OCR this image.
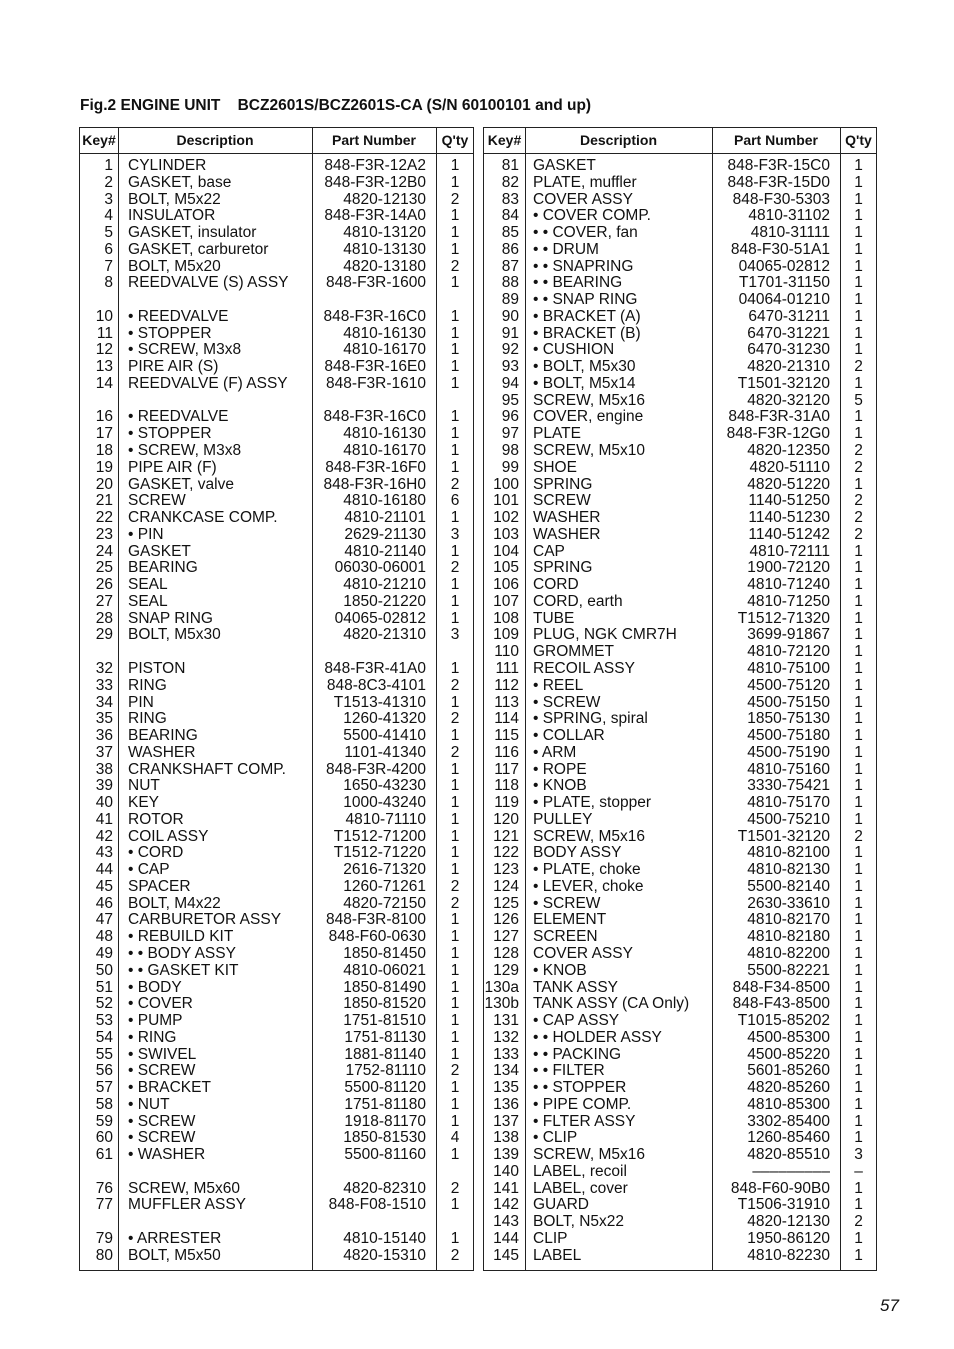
Fig.2 ENGINE UNIT    BCZ2601S/BCZ2601S-CA (S/N 60100101 and up)
Key#	Description	Part Number	Q'ty
1 CYLINDER	848-F3R-12A2	1
2 GASKET, base	848-F3R-12B0	1
3 BOLT, M5x22	4820-12130	2
4 INSULATOR	848-F3R-14A0	1
5 GASKET, insulator	4810-13120	1
6 GASKET, carburetor	4810-13130	1
7 BOLT, M5x20	4820-13180	2
8 REEDVALVE (S) ASSY	848-F3R-1600	1
10 • REEDVALVE	848-F3R-16C0	1
11 • STOPPER	4810-16130	1
12 • SCREW, M3x8	4810-16170	1
13 PIRE AIR (S)	848-F3R-16E0	1
14 REEDVALVE (F) ASSY	848-F3R-1610	1
16 • REEDVALVE	848-F3R-16C0	1
17 • STOPPER	4810-16130	1
18 • SCREW, M3x8	4810-16170	1
19 PIPE AIR (F)	848-F3R-16F0	1
20 GASKET, valve	848-F3R-16H0	2
21 SCREW	4810-16180	6
22 CRANKCASE COMP.	4810-21101	1
23 • PIN	2629-21130	3
24 GASKET	4810-21140	1
25 BEARING	06030-06001	2
26 SEAL	4810-21210	1
27 SEAL	1850-21220	1
28 SNAP RING	04065-02812	1
29 BOLT, M5x30	4820-21310	3
32 PISTON	848-F3R-41A0	1
33 RING	848-8C3-4101	2
34 PIN	T1513-41310	1
35 RING	1260-41320	2
36 BEARING	5500-41410	1
37 WASHER	1101-41340	2
38 CRANKSHAFT COMP.	848-F3R-4200	1
39 NUT	1650-43230	1
40 KEY	1000-43240	1
41 ROTOR	4810-71110	1
42 COIL ASSY	T1512-71200	1
43 • CORD	T1512-71220	1
44 • CAP	2616-71320	1
45 SPACER	1260-71261	2
46 BOLT, M4x22	4820-72150	2
47 CARBURETOR ASSY	848-F3R-8100	1
48 • REBUILD KIT	848-F60-0630	1
49 • • BODY ASSY	1850-81450	1
50 • • GASKET KIT	4810-06021	1
51 • BODY	1850-81490	1
52 • COVER	1850-81520	1
53 • PUMP	1751-81510	1
54 • RING	1751-81130	1
55 • SWIVEL	1881-81140	1
56 • SCREW	1752-81110	2
57 • BRACKET	5500-81120	1
58 • NUT	1751-81180	1
59 • SCREW	1918-81170	1
60 • SCREW	1850-81530	4
61 • WASHER	5500-81160	1
76 SCREW, M5x60	4820-82310	2
77 MUFFLER ASSY	848-F08-1510	1
79 • ARRESTER	4810-15140	1
80 BOLT, M5x50	4820-15310	2
Key#	Description	Part Number	Q'ty
81 GASKET	848-F3R-15C0	1
82 PLATE, muffler	848-F3R-15D0	1
83 COVER ASSY	848-F30-5303	1
84 • COVER COMP.	4810-31102	1
85 • • COVER, fan	4810-31111	1
86 • • DRUM	848-F30-51A1	1
87 • • SNAPRING	04065-02812	1
88 • • BEARING	T1701-31150	1
89 • • SNAP RING	04064-01210	1
90 • BRACKET (A)	6470-31211	1
91 • BRACKET (B)	6470-31221	1
92 • CUSHION	6470-31230	1
93 • BOLT, M5x30	4820-21310	2
94 • BOLT, M5x14	T1501-32120	1
95 SCREW, M5x16	4820-32120	5
96 COVER, engine	848-F3R-31A0	1
97 PLATE	848-F3R-12G0	1
98 SCREW, M5x10	4820-12350	2
99 SHOE	4820-51110	2
100 SPRING	4820-51220	1
101 SCREW	1140-51250	2
102 WASHER	1140-51230	2
103 WASHER	1140-51242	2
104 CAP	4810-72111	1
105 SPRING	1900-72120	1
106 CORD	4810-71240	1
107 CORD, earth	4810-71250	1
108 TUBE	T1512-71320	1
109 PLUG, NGK CMR7H	3699-91867	1
110 GROMMET	4810-72120	1
111 RECOIL ASSY	4810-75100	1
112 • REEL	4500-75120	1
113 • SCREW	4500-75150	1
114 • SPRING, spiral	1850-75130	1
115 • COLLAR	4500-75180	1
116 • ARM	4500-75190	1
117 • ROPE	4810-75160	1
118 • KNOB	3330-75421	1
119 • PLATE, stopper	4810-75170	1
120 PULLEY	4500-75210	1
121 SCREW, M5x16	T1501-32120	2
122 BODY ASSY	4810-82100	1
123 • PLATE, choke	4810-82130	1
124 • LEVER, choke	5500-82140	1
125 • SCREW	2630-33610	1
126 ELEMENT	4810-82170	1
127 SCREEN	4810-82180	1
128 COVER ASSY	4810-82200	1
129 • KNOB	5500-82221	1
130a TANK ASSY	848-F34-8500	1
130b TANK ASSY (CA Only)	848-F43-8500	1
131 • CAP ASSY	T1015-85202	1
132 • • HOLDER ASSY	4500-85300	1
133 • • PACKING	4500-85220	1
134 • • FILTER	5601-85260	1
135 • • STOPPER	4820-85260	1
136 • PIPE COMP.	4810-85300	1
137 • FLTER ASSY	3302-85400	1
138 • CLIP	1260-85460	1
139 SCREW, M5x16	4820-85510	3
140 LABEL, recoil	–––––––––	–
141 LABEL, cover	848-F60-90B0	1
142 GUARD	T1506-31910	1
143 BOLT, N5x22	4820-12130	2
144 CLIP	1950-86120	1
145 LABEL	4810-82230	1
57
